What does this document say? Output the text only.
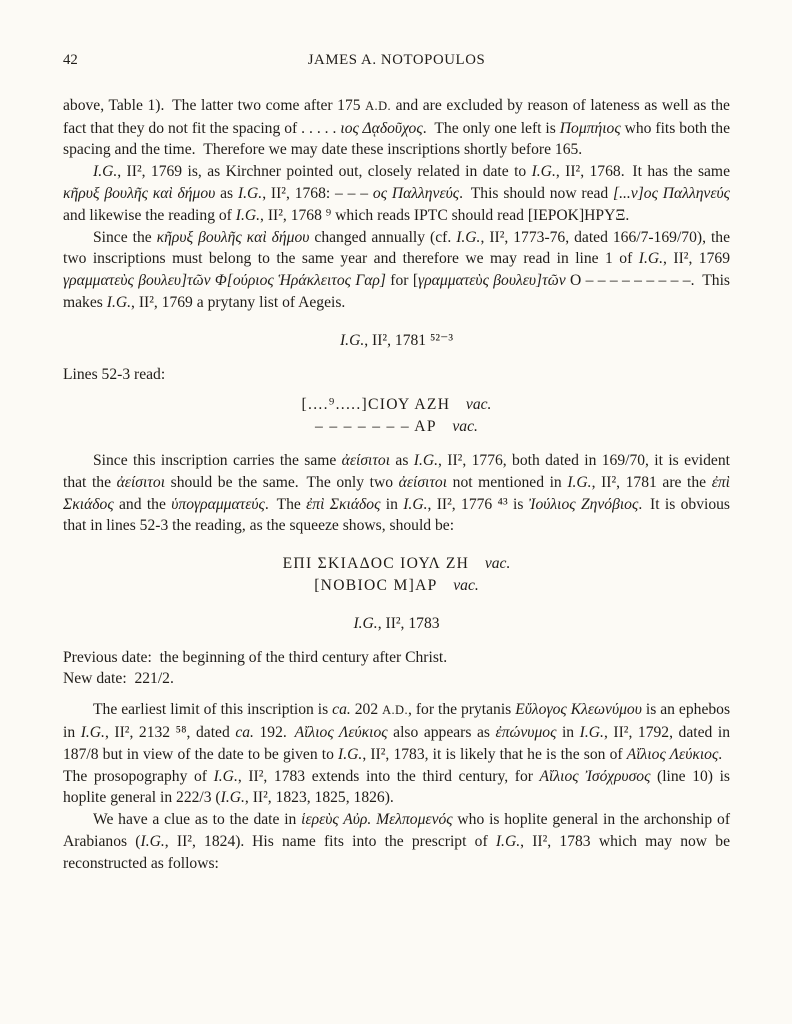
42	JAMES A. NOTOPOULOS

above, Table 1). The latter two come after 175 A.D. and are excluded by reason of lateness as well as the fact that they do not fit the spacing of . . . . . ιος Δᾳδοῦχος. The only one left is Πομπήιος who fits both the spacing and the time. Therefore we may date these inscriptions shortly before 165.

I.G., II², 1769 is, as Kirchner pointed out, closely related in date to I.G., II², 1768. It has the same κῆρυξ βουλῆς καὶ δήμου as I.G., II², 1768: – – – ος Παλληνεύς. This should now read [...ν]ος Παλληνεύς and likewise the reading of I.G., II², 1768 ⁹ which reads ΙΡΤϹ should read [ΙΕΡΟΚ]ΗΡΥΞ.

Since the κῆρυξ βουλῆς καὶ δήμου changed annually (cf. I.G., II², 1773-76, dated 166/7-169/70), the two inscriptions must belong to the same year and therefore we may read in line 1 of I.G., II², 1769 γραμματεὺς βουλευ]τῶν Φ[ούριος Ἡράκλειτος Γαρ] for [γραμματεὺς βουλευ]τῶν Ο – – – – – – – – –. This makes I.G., II², 1769 a prytany list of Aegeis.

I.G., II², 1781 ⁵²⁻³

Lines 52-3 read:

[....⁹.....]ϹΙΟΥ ΑΖΗ vac.

– – – – – – – ΑΡ vac.

Since this inscription carries the same ἀείσιτοι as I.G., II², 1776, both dated in 169/70, it is evident that the ἀείσιτοι should be the same. The only two ἀείσιτοι not mentioned in I.G., II², 1781 are the ἐπὶ Σκιάδος and the ὑπογραμματεύς. The ἐπὶ Σκιάδος in I.G., II², 1776 ⁴³ is Ἰούλιος Ζηνόβιος. It is obvious that in lines 52-3 the reading, as the squeeze shows, should be:

ΕΠΙ ΣΚΙΑΔΟϹ ΙΟΥΛ ΖΗ vac.

[ΝΟΒΙΟϹ Μ]ΑΡ vac.

I.G., II², 1783

Previous date: the beginning of the third century after Christ.

New date: 221/2.

The earliest limit of this inscription is ca. 202 A.D., for the prytanis Εὔλογος Κλεωνύμου is an ephebos in I.G., II², 2132 ⁵⁸, dated ca. 192. Αἴλιος Λεύκιος also appears as ἐπώνυμος in I.G., II², 1792, dated in 187/8 but in view of the date to be given to I.G., II², 1783, it is likely that he is the son of Αἴλιος Λεύκιος. The prosopography of I.G., II², 1783 extends into the third century, for Αἴλιος Ἰσόχρυσος (line 10) is hoplite general in 222/3 (I.G., II², 1823, 1825, 1826).

We have a clue as to the date in ἱερεὺς Αὐρ. Μελπομενός who is hoplite general in the archonship of Arabianos (I.G., II², 1824). His name fits into the prescript of I.G., II², 1783 which may now be reconstructed as follows:
